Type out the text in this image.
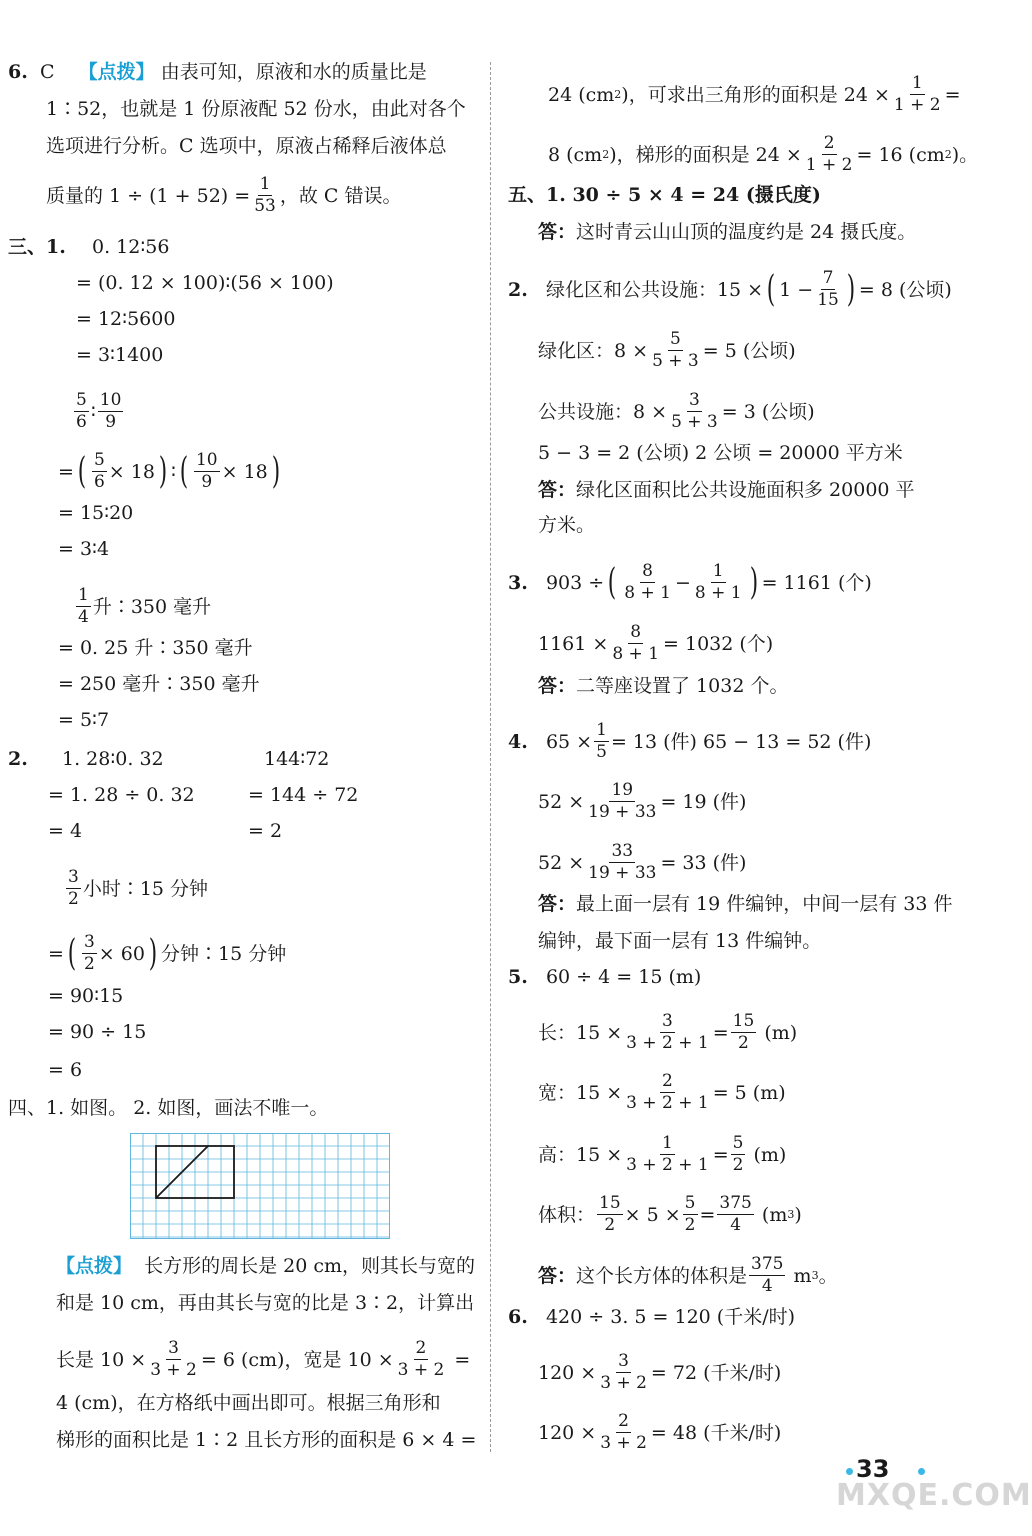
6.
C
【点拨】
由表可知，原液和水的质量比是
1∶52，也就是 1 份原液配 52 份水，由此对各个
选项进行分析。C 选项中，原液占稀释后液体总
质量的 $1 \div (1 + 52) = \frac{1}{53}$ ，故 C 错误。
三、1. 0. 12∶56
= (0. 12 × 100)∶(56 × 100)
= 12∶5600
= 3∶1400
$\frac{5}{6}$ ∶ $\frac{10}{9}$
= ( $\frac{5}{6} \times 18$ ) ∶ ( $\frac{10}{9} \times 18$ )
= 15∶20
= 3∶4
$\frac{1}{4}$ 升∶350 毫升
= 0. 25 升∶350 毫升
= 250 毫升∶350 毫升
= 5∶7
2. 1. 28∶0. 32	144∶72
= 1. 28 ÷ 0. 32	= 144 ÷ 72
= 4	= 2
$\frac{3}{2}$ 小时∶15 分钟
= ( $\frac{3}{2} \times 60$ ) 分钟∶15 分钟
= 90∶15
= 90 ÷ 15
= 6
四、1. 如图。 2. 如图，画法不唯一。
【点拨】
长方形的周长是 20 cm，则其长与宽的
和是 10 cm，再由其长与宽的比是 3∶2，计算出
长是 $10 \times \frac{3}{3 + 2} = 6$ (cm)，宽是 $10 \times \frac{2}{3 + 2}$
=
4 (cm)，在方格纸中画出即可。根据三角形和
梯形的面积比是 1∶2 且长方形的面积是 6 × 4 =
24 (cm 2 )，可求出三角形的面积是 $24 \times \frac{1}{1 + 2}$ =
8 (cm 2 )，梯形的面积是 $24 \times \frac{2}{1 + 2} = 16$ (cm 2 )。
五、1. 30 ÷ 5 × 4 = 24 (摄氏度)
答： 这时青云山山顶的温度约是 24 摄氏度。
2.
绿化区和公共设施：15 × ( $1 - \frac{7}{15}$ ) = 8 (公顷)
绿化区：$8 \times \frac{5}{5 + 3} = 5$ (公顷)
公共设施：$8 \times \frac{3}{5 + 3} = 3$ (公顷)
5 − 3 = 2 (公顷) 2 公顷 = 20000 平方米
答： 绿化区面积比公共设施面积多 20000 平
方米。
3.
903 ÷ ( $\frac{8}{8 + 1} - \frac{1}{8 + 1}$ ) = 1161 (个)
$1161 \times \frac{8}{8 + 1} = 1032$ (个)
答： 二等座设置了 1032 个。
4.
$65 \times \frac{1}{5} = 13$ (件) 65 − 13 = 52 (件)
$52 \times \frac{19}{19 + 33} = 19$ (件)
$52 \times \frac{33}{19 + 33} = 33$ (件)
答： 最上面一层有 19 件编钟，中间一层有 33 件
编钟，最下面一层有 13 件编钟。
5.
60 ÷ 4 = 15 (m)
长：$15 \times \frac{3}{3 + 2 + 1} = \frac{15}{2}$
(m)
宽：$15 \times \frac{2}{3 + 2 + 1} = 5$ (m)
高：$15 \times \frac{1}{3 + 2 + 1} = \frac{5}{2}$
(m)
体积： $\frac{15}{2} \times 5 \times \frac{5}{2} = \frac{375}{4}$
(m 3 )
答： 这个长方体的体积是 $\frac{375}{4}$
m 3 。
6.
420 ÷ 3. 5 = 120 (千米/时)
$120 \times \frac{3}{3 + 2} = 72$ (千米/时)
$120 \times \frac{2}{3 + 2} = 48$ (千米/时)
33
MXQE.COM
